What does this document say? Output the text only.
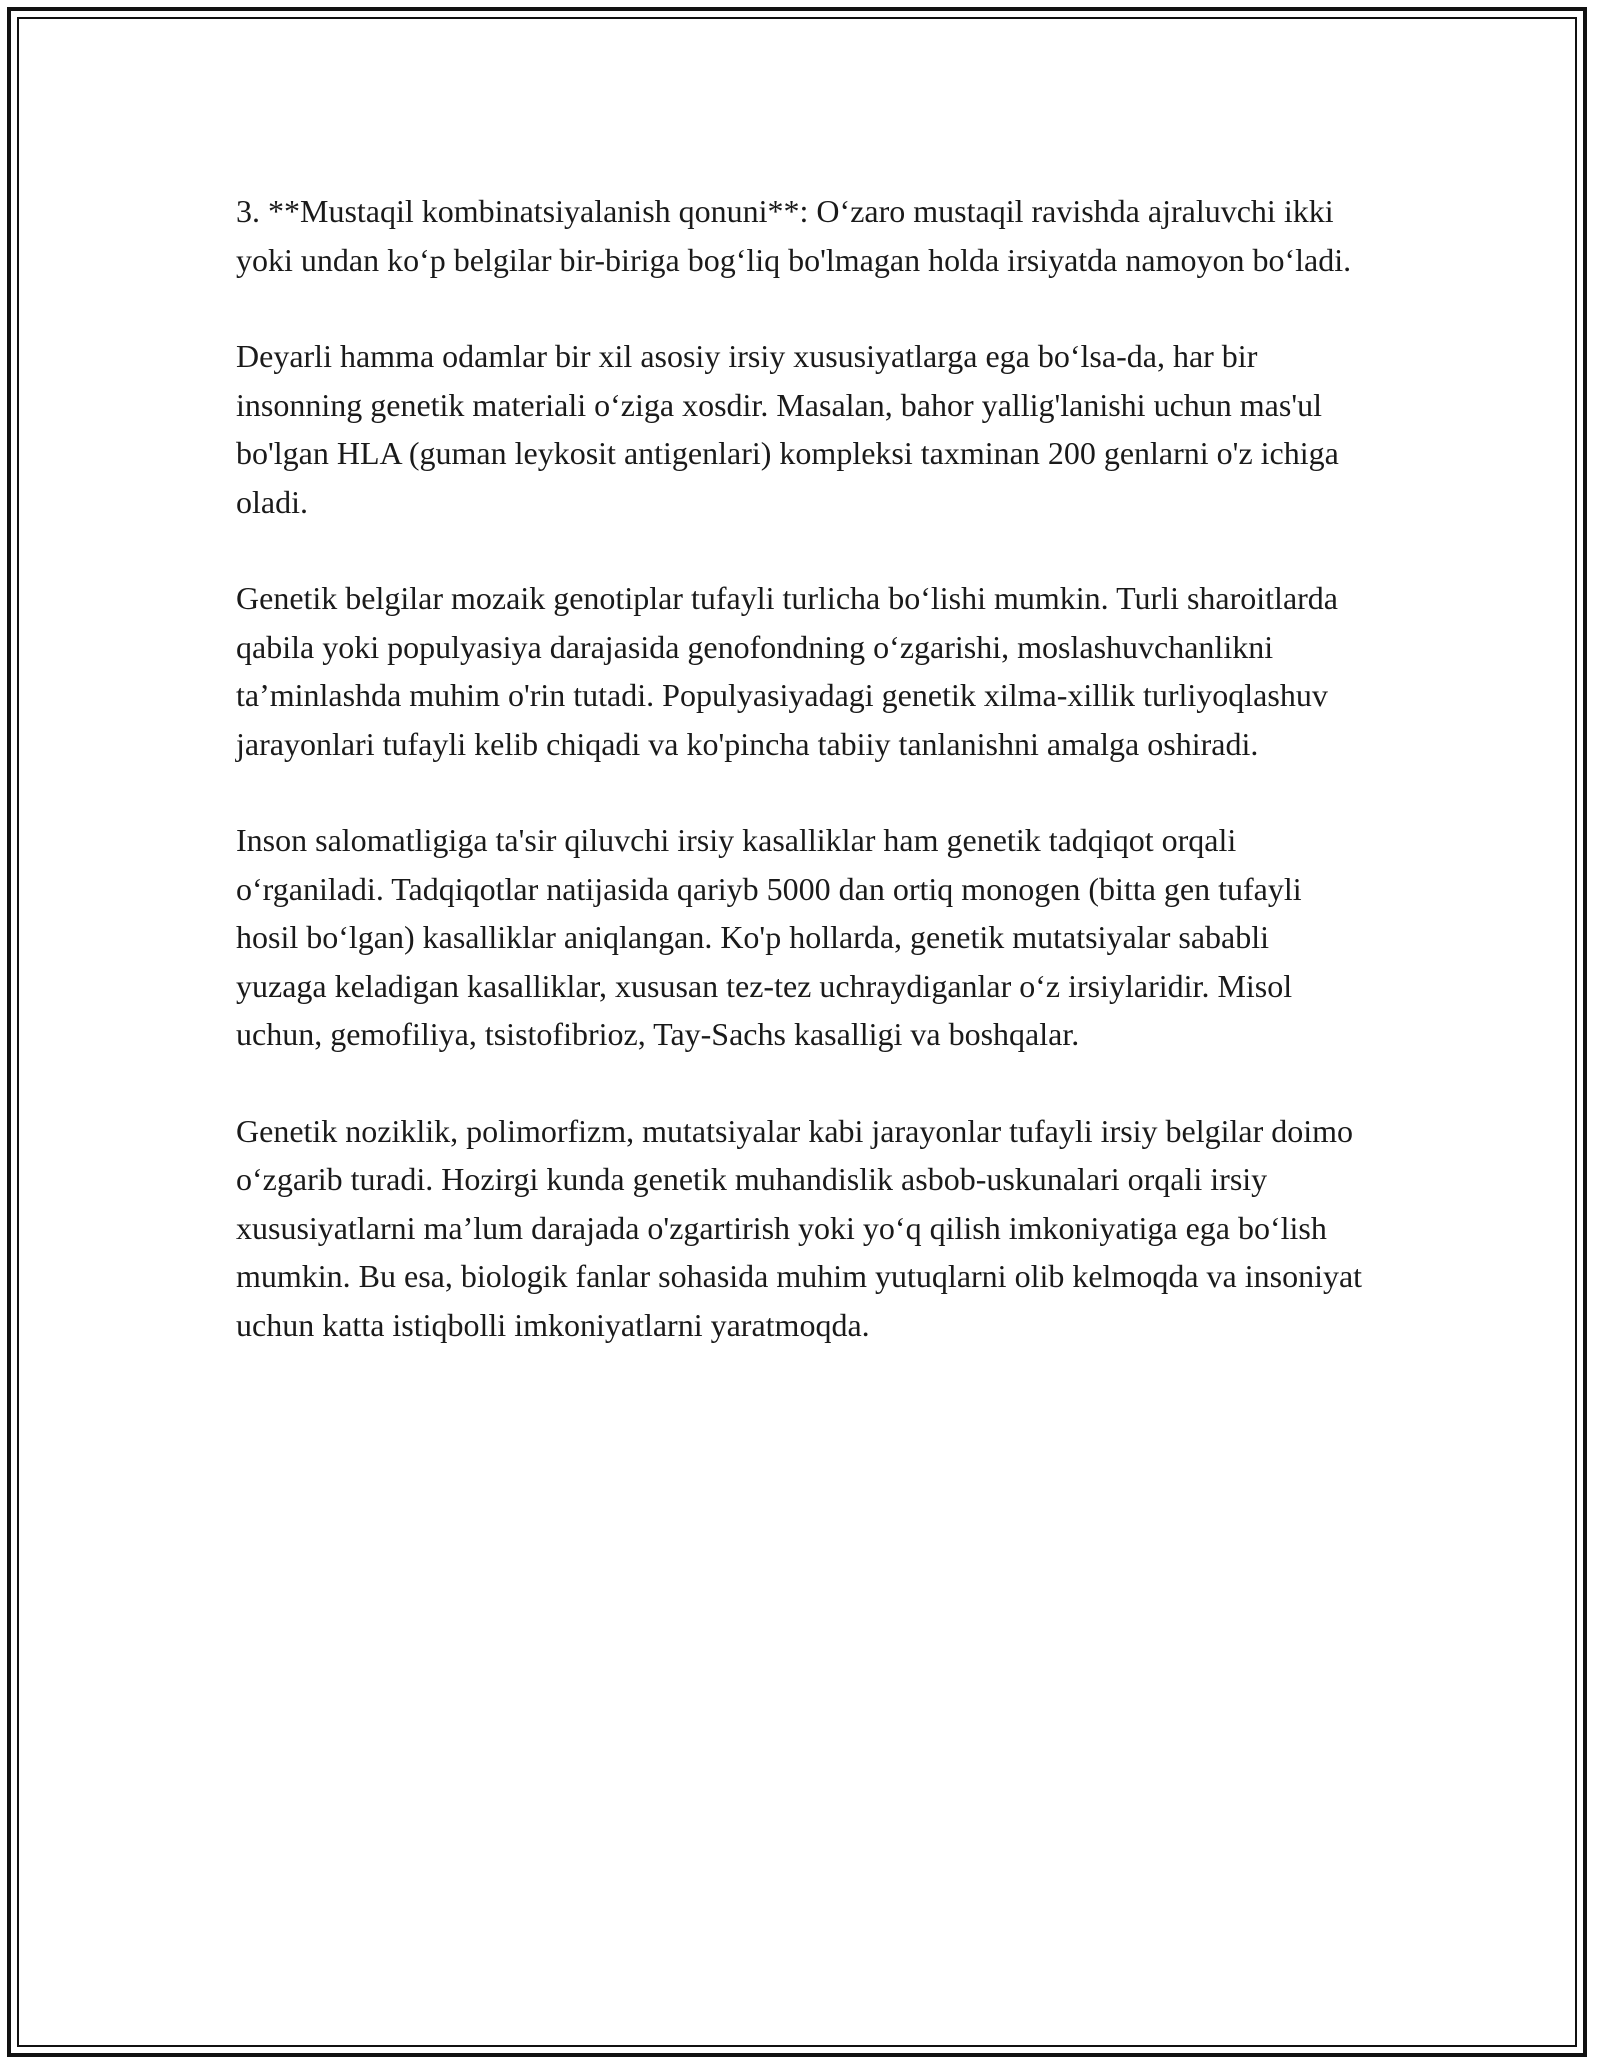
3. **Mustaqil kombinatsiyalanish qonuni**: O‘zaro mustaqil ravishda ajraluvchi ikki yoki undan ko‘p belgilar bir-biriga bog‘liq bo'lmagan holda irsiyatda namoyon bo‘ladi.

Deyarli hamma odamlar bir xil asosiy irsiy xususiyatlarga ega bo‘lsa-da, har bir insonning genetik materiali o‘ziga xosdir. Masalan, bahor yallig'lanishi uchun mas'ul bo'lgan HLA (guman leykosit antigenlari) kompleksi taxminan 200 genlarni o'z ichiga oladi.

Genetik belgilar mozaik genotiplar tufayli turlicha bo‘lishi mumkin. Turli sharoitlarda qabila yoki populyasiya darajasida genofondning o‘zgarishi, moslashuvchanlikni ta’minlashda muhim o'rin tutadi. Populyasiyadagi genetik xilma-xillik turliyoqlashuv jarayonlari tufayli kelib chiqadi va ko'pincha tabiiy tanlanishni amalga oshiradi.

Inson salomatligiga ta'sir qiluvchi irsiy kasalliklar ham genetik tadqiqot orqali o‘rganiladi. Tadqiqotlar natijasida qariyb 5000 dan ortiq monogen (bitta gen tufayli hosil bo‘lgan) kasalliklar aniqlangan. Ko'p hollarda, genetik mutatsiyalar sababli yuzaga keladigan kasalliklar, xususan tez-tez uchraydiganlar o‘z irsiylaridir. Misol uchun, gemofiliya, tsistofibrioz, Tay-Sachs kasalligi va boshqalar.

Genetik noziklik, polimorfizm, mutatsiyalar kabi jarayonlar tufayli irsiy belgilar doimo o‘zgarib turadi. Hozirgi kunda genetik muhandislik asbob-uskunalari orqali irsiy xususiyatlarni ma’lum darajada o'zgartirish yoki yo‘q qilish imkoniyatiga ega bo‘lish mumkin. Bu esa, biologik fanlar sohasida muhim yutuqlarni olib kelmoqda va insoniyat uchun katta istiqbolli imkoniyatlarni yaratmoqda.
